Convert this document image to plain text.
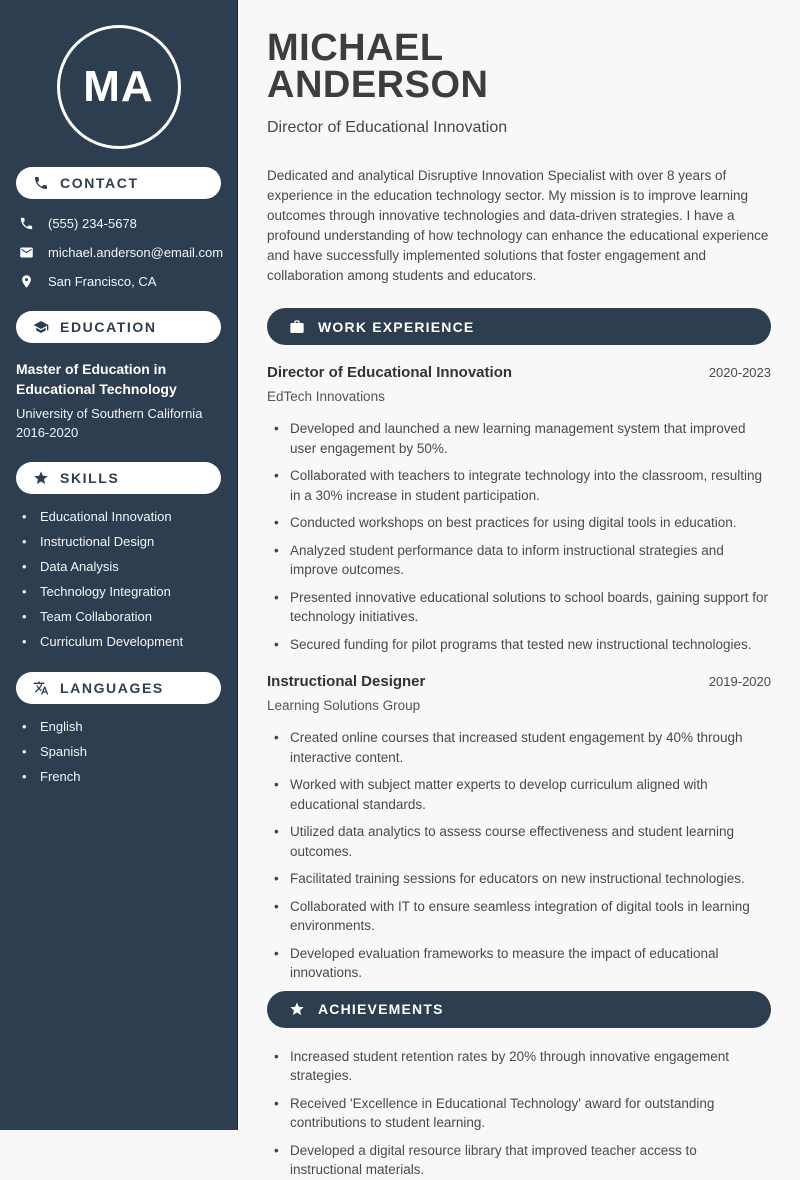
MA
CONTACT
(555) 234-5678
michael.anderson@email.com
San Francisco, CA
EDUCATION
Master of Education in Educational Technology
University of Southern California
2016-2020
SKILLS
• Educational Innovation
• Instructional Design
• Data Analysis
• Technology Integration
• Team Collaboration
• Curriculum Development
LANGUAGES
• English
• Spanish
• French
MICHAEL
ANDERSON
Director of Educational Innovation

Dedicated and analytical Disruptive Innovation Specialist with over 8 years of experience in the education technology sector. My mission is to improve learning outcomes through innovative technologies and data-driven strategies. I have a profound understanding of how technology can enhance the educational experience and have successfully implemented solutions that foster engagement and collaboration among students and educators.

WORK EXPERIENCE
Director of Educational Innovation	2020-2023
EdTech Innovations
• Developed and launched a new learning management system that improved user engagement by 50%.
• Collaborated with teachers to integrate technology into the classroom, resulting in a 30% increase in student participation.
• Conducted workshops on best practices for using digital tools in education.
• Analyzed student performance data to inform instructional strategies and improve outcomes.
• Presented innovative educational solutions to school boards, gaining support for technology initiatives.
• Secured funding for pilot programs that tested new instructional technologies.
Instructional Designer	2019-2020
Learning Solutions Group
• Created online courses that increased student engagement by 40% through interactive content.
• Worked with subject matter experts to develop curriculum aligned with educational standards.
• Utilized data analytics to assess course effectiveness and student learning outcomes.
• Facilitated training sessions for educators on new instructional technologies.
• Collaborated with IT to ensure seamless integration of digital tools in learning environments.
• Developed evaluation frameworks to measure the impact of educational innovations.
ACHIEVEMENTS
• Increased student retention rates by 20% through innovative engagement strategies.
• Received 'Excellence in Educational Technology' award for outstanding contributions to student learning.
• Developed a digital resource library that improved teacher access to instructional materials.
